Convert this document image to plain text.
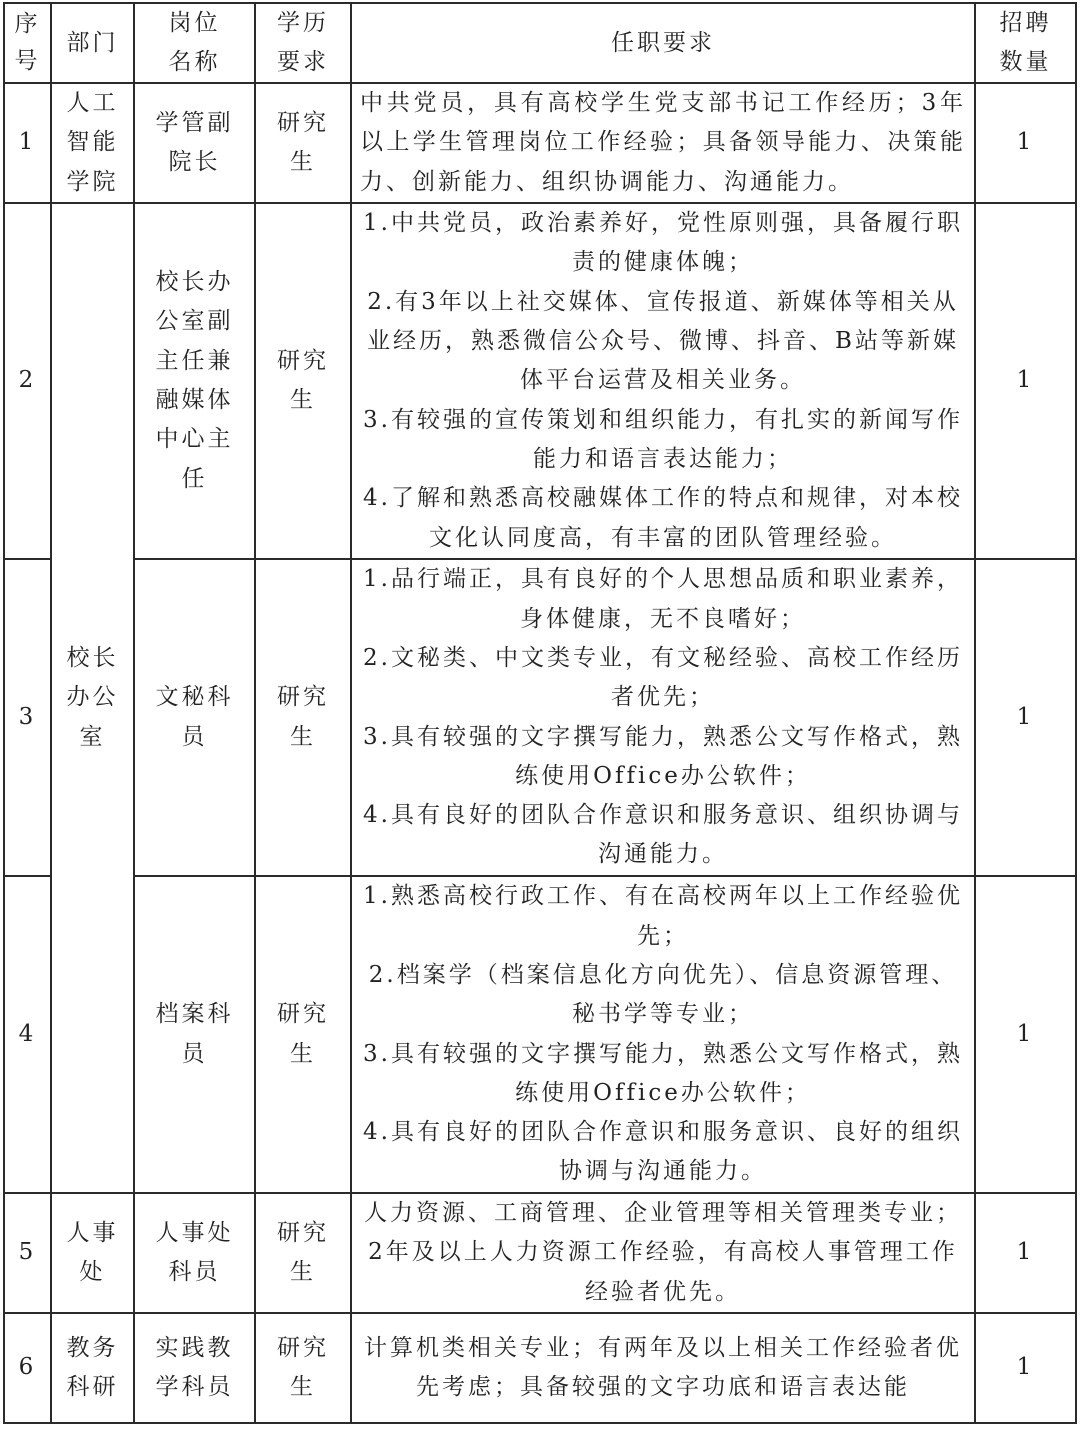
序号	部门	岗位名称	学历要求	任职要求	招聘数量
1	人工智能学院	学管副院长	研究生	中共党员，具有高校学生党支部书记工作经历；3年以上学生管理岗位工作经验；具备领导能力、决策能力、创新能力、组织协调能力、沟通能力。	1
2	校长办公室	校长办公室副主任兼融媒体中心主任	研究生	1.中共党员，政治素养好，党性原则强，具备履行职责的健康体魄；
2.有3年以上社交媒体、宣传报道、新媒体等相关从业经历，熟悉微信公众号、微博、抖音、B站等新媒体平台运营及相关业务。
3.有较强的宣传策划和组织能力，有扎实的新闻写作能力和语言表达能力；
4.了解和熟悉高校融媒体工作的特点和规律，对本校文化认同度高，有丰富的团队管理经验。	1
3		文秘科员	研究生	1.品行端正，具有良好的个人思想品质和职业素养，身体健康，无不良嗜好；
2.文秘类、中文类专业，有文秘经验、高校工作经历者优先；
3.具有较强的文字撰写能力，熟悉公文写作格式，熟练使用Office办公软件；
4.具有良好的团队合作意识和服务意识、组织协调与沟通能力。	1
4		档案科员	研究生	1.熟悉高校行政工作、有在高校两年以上工作经验优先；
2.档案学（档案信息化方向优先）、信息资源管理、秘书学等专业；
3.具有较强的文字撰写能力，熟悉公文写作格式，熟练使用Office办公软件；
4.具有良好的团队合作意识和服务意识、良好的组织协调与沟通能力。	1
5	人事处	人事处科员	研究生	人力资源、工商管理、企业管理等相关管理类专业；2年及以上人力资源工作经验，有高校人事管理工作经验者优先。	1
6	教务科研	实践教学科员	研究生	计算机类相关专业；有两年及以上相关工作经验者优先考虑；具备较强的文字功底和语言表达能	1
